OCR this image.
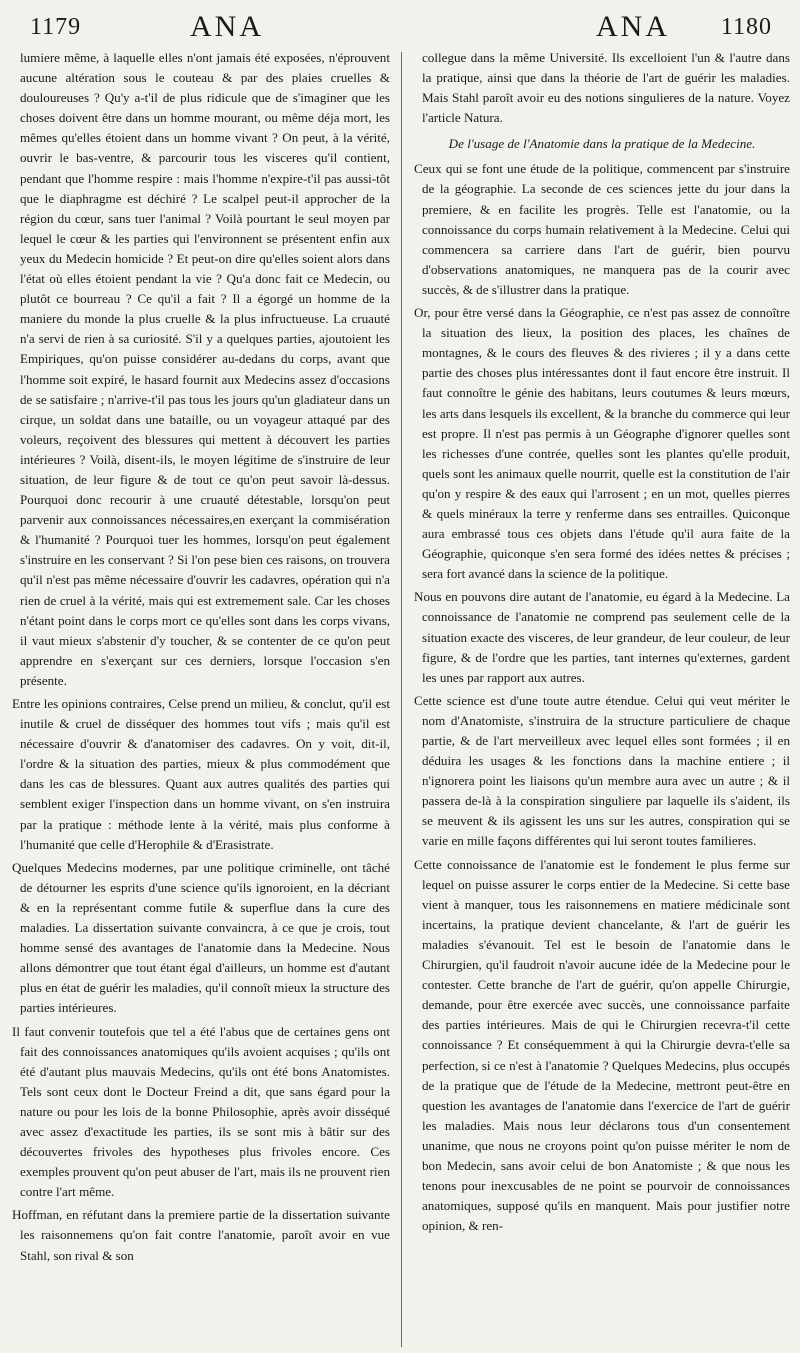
1179	ANA	ANA 1180

lumiere même, à laquelle elles n'ont jamais été exposées, n'éprouvent aucune altération sous le couteau & par des plaies cruelles & douloureuses ? Qu'y a-t'il de plus ridicule que de s'imaginer que les choses doivent être dans un homme mourant, ou même déja mort, les mêmes qu'elles étoient dans un homme vivant ? On peut, à la vérité, ouvrir le bas-ventre, & parcourir tous les visceres qu'il contient, pendant que l'homme respire : mais l'homme n'expire-t'il pas aussi-tôt que le diaphragme est déchiré ? Le scalpel peut-il approcher de la région du cœur, sans tuer l'animal ? Voilà pourtant le seul moyen par lequel le cœur & les parties qui l'environnent se présentent enfin aux yeux du Medecin homicide ? Et peut-on dire qu'elles soient alors dans l'état où elles étoient pendant la vie ? Qu'a donc fait ce Medecin, ou plutôt ce bourreau ? Ce qu'il a fait ? Il a égorgé un homme de la maniere du monde la plus cruelle & la plus infructueuse. La cruauté n'a servi de rien à sa curiosité. S'il y a quelques parties, ajoutoient les Empiriques, qu'on puisse considérer au-dedans du corps, avant que l'homme soit expiré, le hasard fournit aux Medecins assez d'occasions de se satisfaire ; n'arrive-t'il pas tous les jours qu'un gladiateur dans un cirque, un soldat dans une bataille, ou un voyageur attaqué par des voleurs, reçoivent des blessures qui mettent à découvert les parties intérieures ? Voilà, disent-ils, le moyen légitime de s'instruire de leur situation, de leur figure & de tout ce qu'on peut savoir là-dessus. Pourquoi donc recourir à une cruauté détestable, lorsqu'on peut parvenir aux connoissances nécessaires,en exerçant la commisération & l'humanité ? Pourquoi tuer les hommes, lorsqu'on peut également s'instruire en les conservant ? Si l'on pese bien ces raisons, on trouvera qu'il n'est pas même nécessaire d'ouvrir les cadavres, opération qui n'a rien de cruel à la vérité, mais qui est extremement sale. Car les choses n'étant point dans le corps mort ce qu'elles sont dans les corps vivans, il vaut mieux s'abstenir d'y toucher, & se contenter de ce qu'on peut apprendre en s'exerçant sur ces derniers, lorsque l'occasion s'en présente.

Entre les opinions contraires, Celse prend un milieu, & conclut, qu'il est inutile & cruel de disséquer des hommes tout vifs ; mais qu'il est nécessaire d'ouvrir & d'anatomiser des cadavres. On y voit, dit-il, l'ordre & la situation des parties, mieux & plus commodément que dans les cas de blessures. Quant aux autres qualités des parties qui semblent exiger l'inspection dans un homme vivant, on s'en instruira par la pratique : méthode lente à la vérité, mais plus conforme à l'humanité que celle d'Herophile & d'Erasistrate.

Quelques Medecins modernes, par une politique criminelle, ont tâché de détourner les esprits d'une science qu'ils ignoroient, en la décriant & en la représentant comme futile & superflue dans la cure des maladies. La dissertation suivante convaincra, à ce que je crois, tout homme sensé des avantages de l'anatomie dans la Medecine. Nous allons démontrer que tout étant égal d'ailleurs, un homme est d'autant plus en état de guérir les maladies, qu'il connoît mieux la structure des parties intérieures.

Il faut convenir toutefois que tel a été l'abus que de certaines gens ont fait des connoissances anatomiques qu'ils avoient acquises ; qu'ils ont été d'autant plus mauvais Medecins, qu'ils ont été bons Anatomistes. Tels sont ceux dont le Docteur Freind a dit, que sans égard pour la nature ou pour les lois de la bonne Philosophie, après avoir disséqué avec assez d'exactitude les parties, ils se sont mis à bâtir sur des découvertes frivoles des hypotheses plus frivoles encore. Ces exemples prouvent qu'on peut abuser de l'art, mais ils ne prouvent rien contre l'art même.

Hoffman, en réfutant dans la premiere partie de la dissertation suivante les raisonnemens qu'on fait contre l'anatomie, paroît avoir en vue Stahl, son rival & son

collegue dans la même Université. Ils excelloient l'un & l'autre dans la pratique, ainsi que dans la théorie de l'art de guérir les maladies. Mais Stahl paroît avoir eu des notions singulieres de la nature. Voyez l'article Natura.

De l'usage de l'Anatomie dans la pratique de la Medecine.

Ceux qui se font une étude de la politique, commencent par s'instruire de la géographie. La seconde de ces sciences jette du jour dans la premiere, & en facilite les progrès. Telle est l'anatomie, ou la connoissance du corps humain relativement à la Medecine. Celui qui commencera sa carriere dans l'art de guérir, bien pourvu d'observations anatomiques, ne manquera pas de la courir avec succès, & de s'illustrer dans la pratique.

Or, pour être versé dans la Géographie, ce n'est pas assez de connoître la situation des lieux, la position des places, les chaînes de montagnes, & le cours des fleuves & des rivieres ; il y a dans cette partie des choses plus intéressantes dont il faut encore être instruit. Il faut connoître le génie des habitans, leurs coutumes & leurs mœurs, les arts dans lesquels ils excellent, & la branche du commerce qui leur est propre. Il n'est pas permis à un Géographe d'ignorer quelles sont les richesses d'une contrée, quelles sont les plantes qu'elle produit, quels sont les animaux quelle nourrit, quelle est la constitution de l'air qu'on y respire & des eaux qui l'arrosent ; en un mot, quelles pierres & quels minéraux la terre y renferme dans ses entrailles. Quiconque aura embrassé tous ces objets dans l'étude qu'il aura faite de la Géographie, quiconque s'en sera formé des idées nettes & précises ; sera fort avancé dans la science de la politique.

Nous en pouvons dire autant de l'anatomie, eu égard à la Medecine. La connoissance de l'anatomie ne comprend pas seulement celle de la situation exacte des visceres, de leur grandeur, de leur couleur, de leur figure, & de l'ordre que les parties, tant internes qu'externes, gardent les unes par rapport aux autres.

Cette science est d'une toute autre étendue. Celui qui veut mériter le nom d'Anatomiste, s'instruira de la structure particuliere de chaque partie, & de l'art merveilleux avec lequel elles sont formées ; il en déduira les usages & les fonctions dans la machine entiere ; il n'ignorera point les liaisons qu'un membre aura avec un autre ; & il passera de-là à la conspiration singuliere par laquelle ils s'aident, ils se meuvent & ils agissent les uns sur les autres, conspiration qui se varie en mille façons différentes qui lui seront toutes familieres.

Cette connoissance de l'anatomie est le fondement le plus ferme sur lequel on puisse assurer le corps entier de la Medecine. Si cette base vient à manquer, tous les raisonnemens en matiere médicinale sont incertains, la pratique devient chancelante, & l'art de guérir les maladies s'évanouit. Tel est le besoin de l'anatomie dans le Chirurgien, qu'il faudroit n'avoir aucune idée de la Medecine pour le contester. Cette branche de l'art de guérir, qu'on appelle Chirurgie, demande, pour être exercée avec succès, une connoissance parfaite des parties intérieures. Mais de qui le Chirurgien recevra-t'il cette connoissance ? Et conséquemment à qui la Chirurgie devra-t'elle sa perfection, si ce n'est à l'anatomie ? Quelques Medecins, plus occupés de la pratique que de l'étude de la Medecine, mettront peut-être en question les avantages de l'anatomie dans l'exercice de l'art de guérir les maladies. Mais nous leur déclarons tous d'un consentement unanime, que nous ne croyons point qu'on puisse mériter le nom de bon Medecin, sans avoir celui de bon Anatomiste ; & que nous les tenons pour inexcusables de ne point se pourvoir de connoissances anatomiques, supposé qu'ils en manquent. Mais pour justifier notre opinion, & ren-
